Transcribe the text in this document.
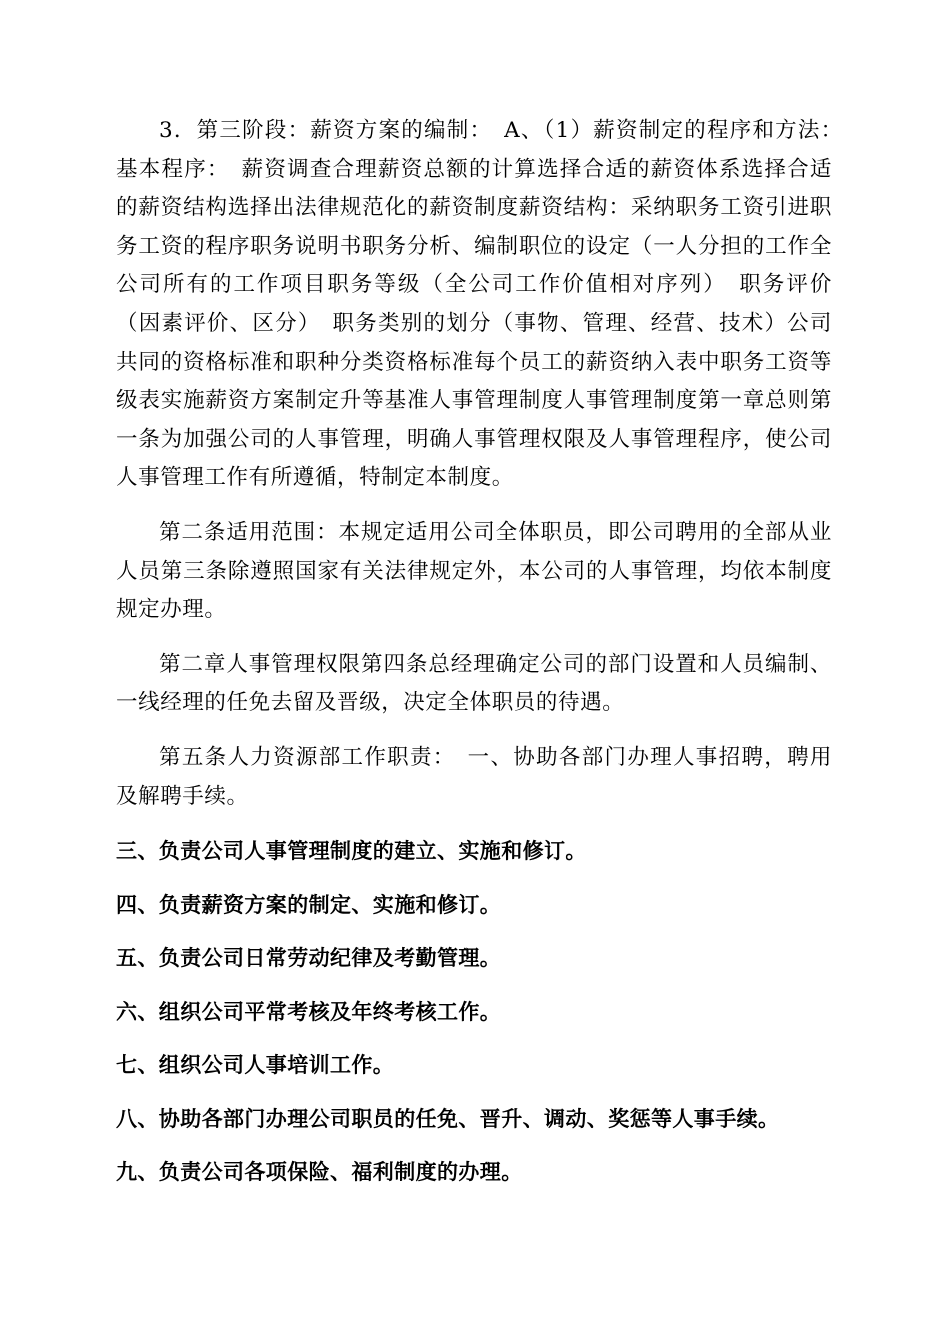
3．第三阶段：薪资方案的编制：　A、（1）薪资制定的程序和方法：　基本程序：　薪资调查合理薪资总额的计算选择合适的薪资体系选择合适的薪资结构选择出法律规范化的薪资制度薪资结构：采纳职务工资引进职务工资的程序职务说明书职务分析、编制职位的设定（一人分担的工作全公司所有的工作项目职务等级（全公司工作价值相对序列）　职务评价（因素评价、区分）　职务类别的划分（事物、管理、经营、技术）公司共同的资格标准和职种分类资格标准每个员工的薪资纳入表中职务工资等级表实施薪资方案制定升等基准人事管理制度人事管理制度第一章总则第一条为加强公司的人事管理，明确人事管理权限及人事管理程序，使公司人事管理工作有所遵循，特制定本制度。

第二条适用范围：本规定适用公司全体职员，即公司聘用的全部从业人员第三条除遵照国家有关法律规定外，本公司的人事管理，均依本制度规定办理。

第二章人事管理权限第四条总经理确定公司的部门设置和人员编制、一线经理的任免去留及晋级，决定全体职员的待遇。

第五条人力资源部工作职责：　一、协助各部门办理人事招聘，聘用及解聘手续。

三、负责公司人事管理制度的建立、实施和修订。

四、负责薪资方案的制定、实施和修订。

五、负责公司日常劳动纪律及考勤管理。

六、组织公司平常考核及年终考核工作。

七、组织公司人事培训工作。

八、协助各部门办理公司职员的任免、晋升、调动、奖惩等人事手续。

九、负责公司各项保险、福利制度的办理。
